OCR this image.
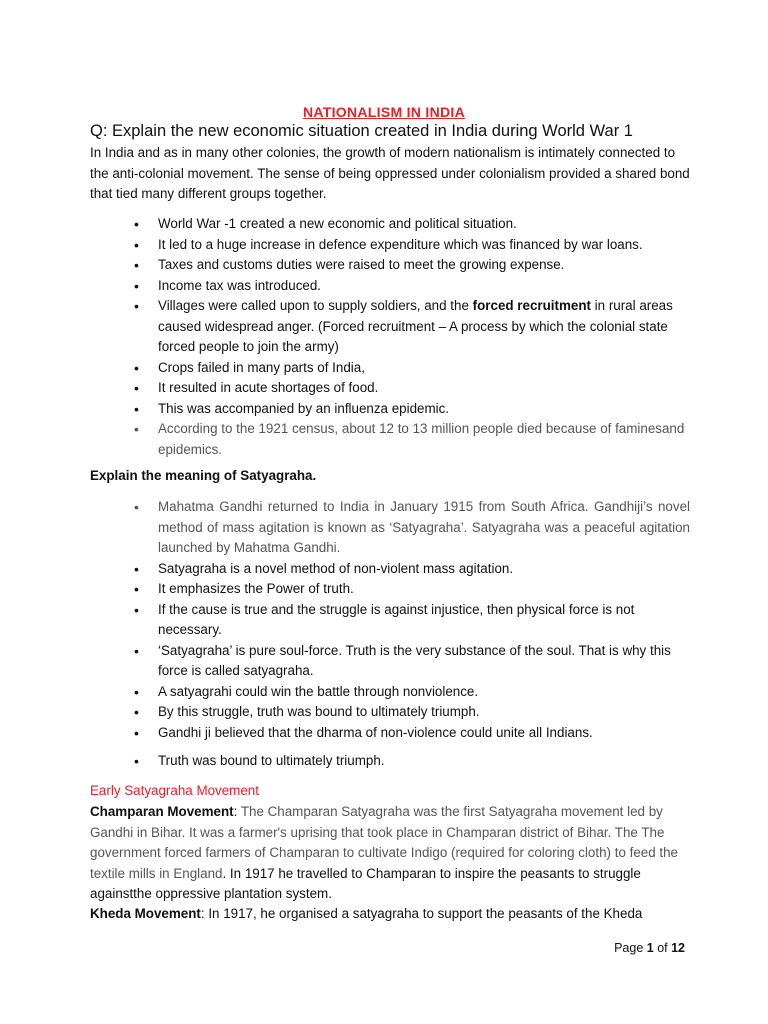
NATIONALISM IN INDIA
Q: Explain the new economic situation created in India during World War 1
In India and as in many other colonies, the growth of modern nationalism is intimately connected to the anti-colonial movement. The sense of being oppressed under colonialism provided a shared bond that tied many different groups together.
• World War -1 created a new economic and political situation.
• It led to a huge increase in defence expenditure which was financed by war loans.
• Taxes and customs duties were raised to meet the growing expense.
• Income tax was introduced.
• Villages were called upon to supply soldiers, and the forced recruitment in rural areas caused widespread anger. (Forced recruitment – A process by which the colonial state forced people to join the army)
• Crops failed in many parts of India,
• It resulted in acute shortages of food.
• This was accompanied by an influenza epidemic.
• According to the 1921 census, about 12 to 13 million people died because of faminesand epidemics.
Explain the meaning of Satyagraha.
• Mahatma Gandhi returned to India in January 1915 from South Africa. Gandhiji’s novel method of mass agitation is known as ‘Satyagraha’. Satyagraha was a peaceful agitation launched by Mahatma Gandhi.
• Satyagraha is a novel method of non-violent mass agitation.
• It emphasizes the Power of truth.
• If the cause is true and the struggle is against injustice, then physical force is not necessary.
• ‘Satyagraha’ is pure soul-force. Truth is the very substance of the soul. That is why this force is called satyagraha.
• A satyagrahi could win the battle through nonviolence.
• By this struggle, truth was bound to ultimately triumph.
• Gandhi ji believed that the dharma of non-violence could unite all Indians.
• Truth was bound to ultimately triumph.
Early Satyagraha Movement
Champaran Movement: The Champaran Satyagraha was the first Satyagraha movement led by Gandhi in Bihar. It was a farmer's uprising that took place in Champaran district of Bihar. The The government forced farmers of Champaran to cultivate Indigo (required for coloring cloth) to feed the textile mills in England. In 1917 he travelled to Champaran to inspire the peasants to struggle againstthe oppressive plantation system.
Kheda Movement: In 1917, he organised a satyagraha to support the peasants of the Kheda
Page 1 of 12
